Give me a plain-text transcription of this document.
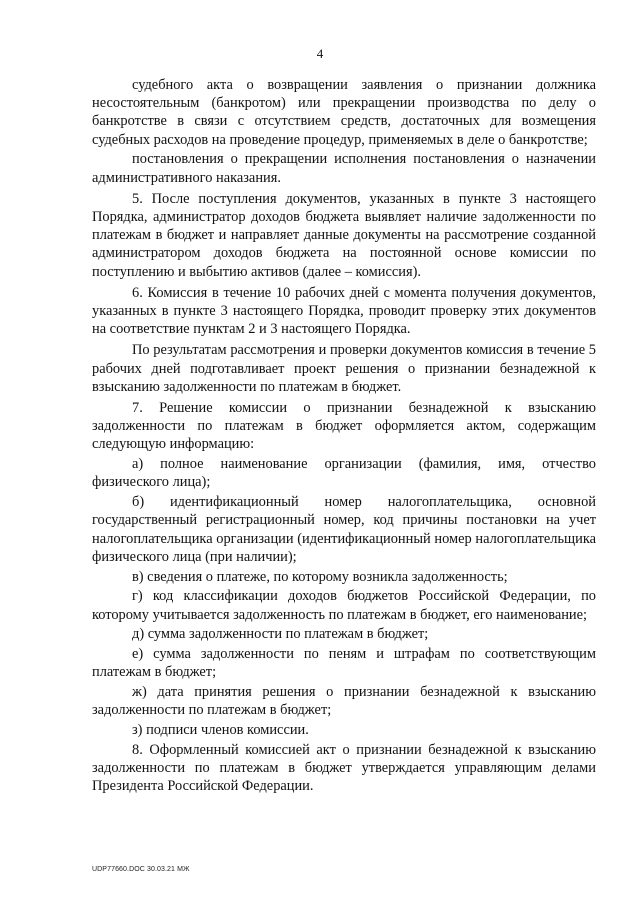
4

судебного акта о возвращении заявления о признании должника несостоятельным (банкротом) или прекращении производства по делу о банкротстве в связи с отсутствием средств, достаточных для возмещения судебных расходов на проведение процедур, применяемых в деле о банкротстве;

постановления о прекращении исполнения постановления о назначении административного наказания.

5. После поступления документов, указанных в пункте 3 настоящего Порядка, администратор доходов бюджета выявляет наличие задолженности по платежам в бюджет и направляет данные документы на рассмотрение созданной администратором доходов бюджета на постоянной основе комиссии по поступлению и выбытию активов (далее – комиссия).

6. Комиссия в течение 10 рабочих дней с момента получения документов, указанных в пункте 3 настоящего Порядка, проводит проверку этих документов на соответствие пунктам 2 и 3 настоящего Порядка.

По результатам рассмотрения и проверки документов комиссия в течение 5 рабочих дней подготавливает проект решения о признании безнадежной к взысканию задолженности по платежам в бюджет.

7. Решение комиссии о признании безнадежной к взысканию задолженности по платежам в бюджет оформляется актом, содержащим следующую информацию:

а) полное наименование организации (фамилия, имя, отчество физического лица);

б) идентификационный номер налогоплательщика, основной государственный регистрационный номер, код причины постановки на учет налогоплательщика организации (идентификационный номер налогоплательщика физического лица (при наличии);

в) сведения о платеже, по которому возникла задолженность;

г) код классификации доходов бюджетов Российской Федерации, по которому учитывается задолженность по платежам в бюджет, его наименование;

д) сумма задолженности по платежам в бюджет;

е) сумма задолженности по пеням и штрафам по соответствующим платежам в бюджет;

ж) дата принятия решения о признании безнадежной к взысканию задолженности по платежам в бюджет;

з) подписи членов комиссии.

8. Оформленный комиссией акт о признании безнадежной к взысканию задолженности по платежам в бюджет утверждается управляющим делами Президента Российской Федерации.

UDP77660.DOC 30.03.21 MЖ
